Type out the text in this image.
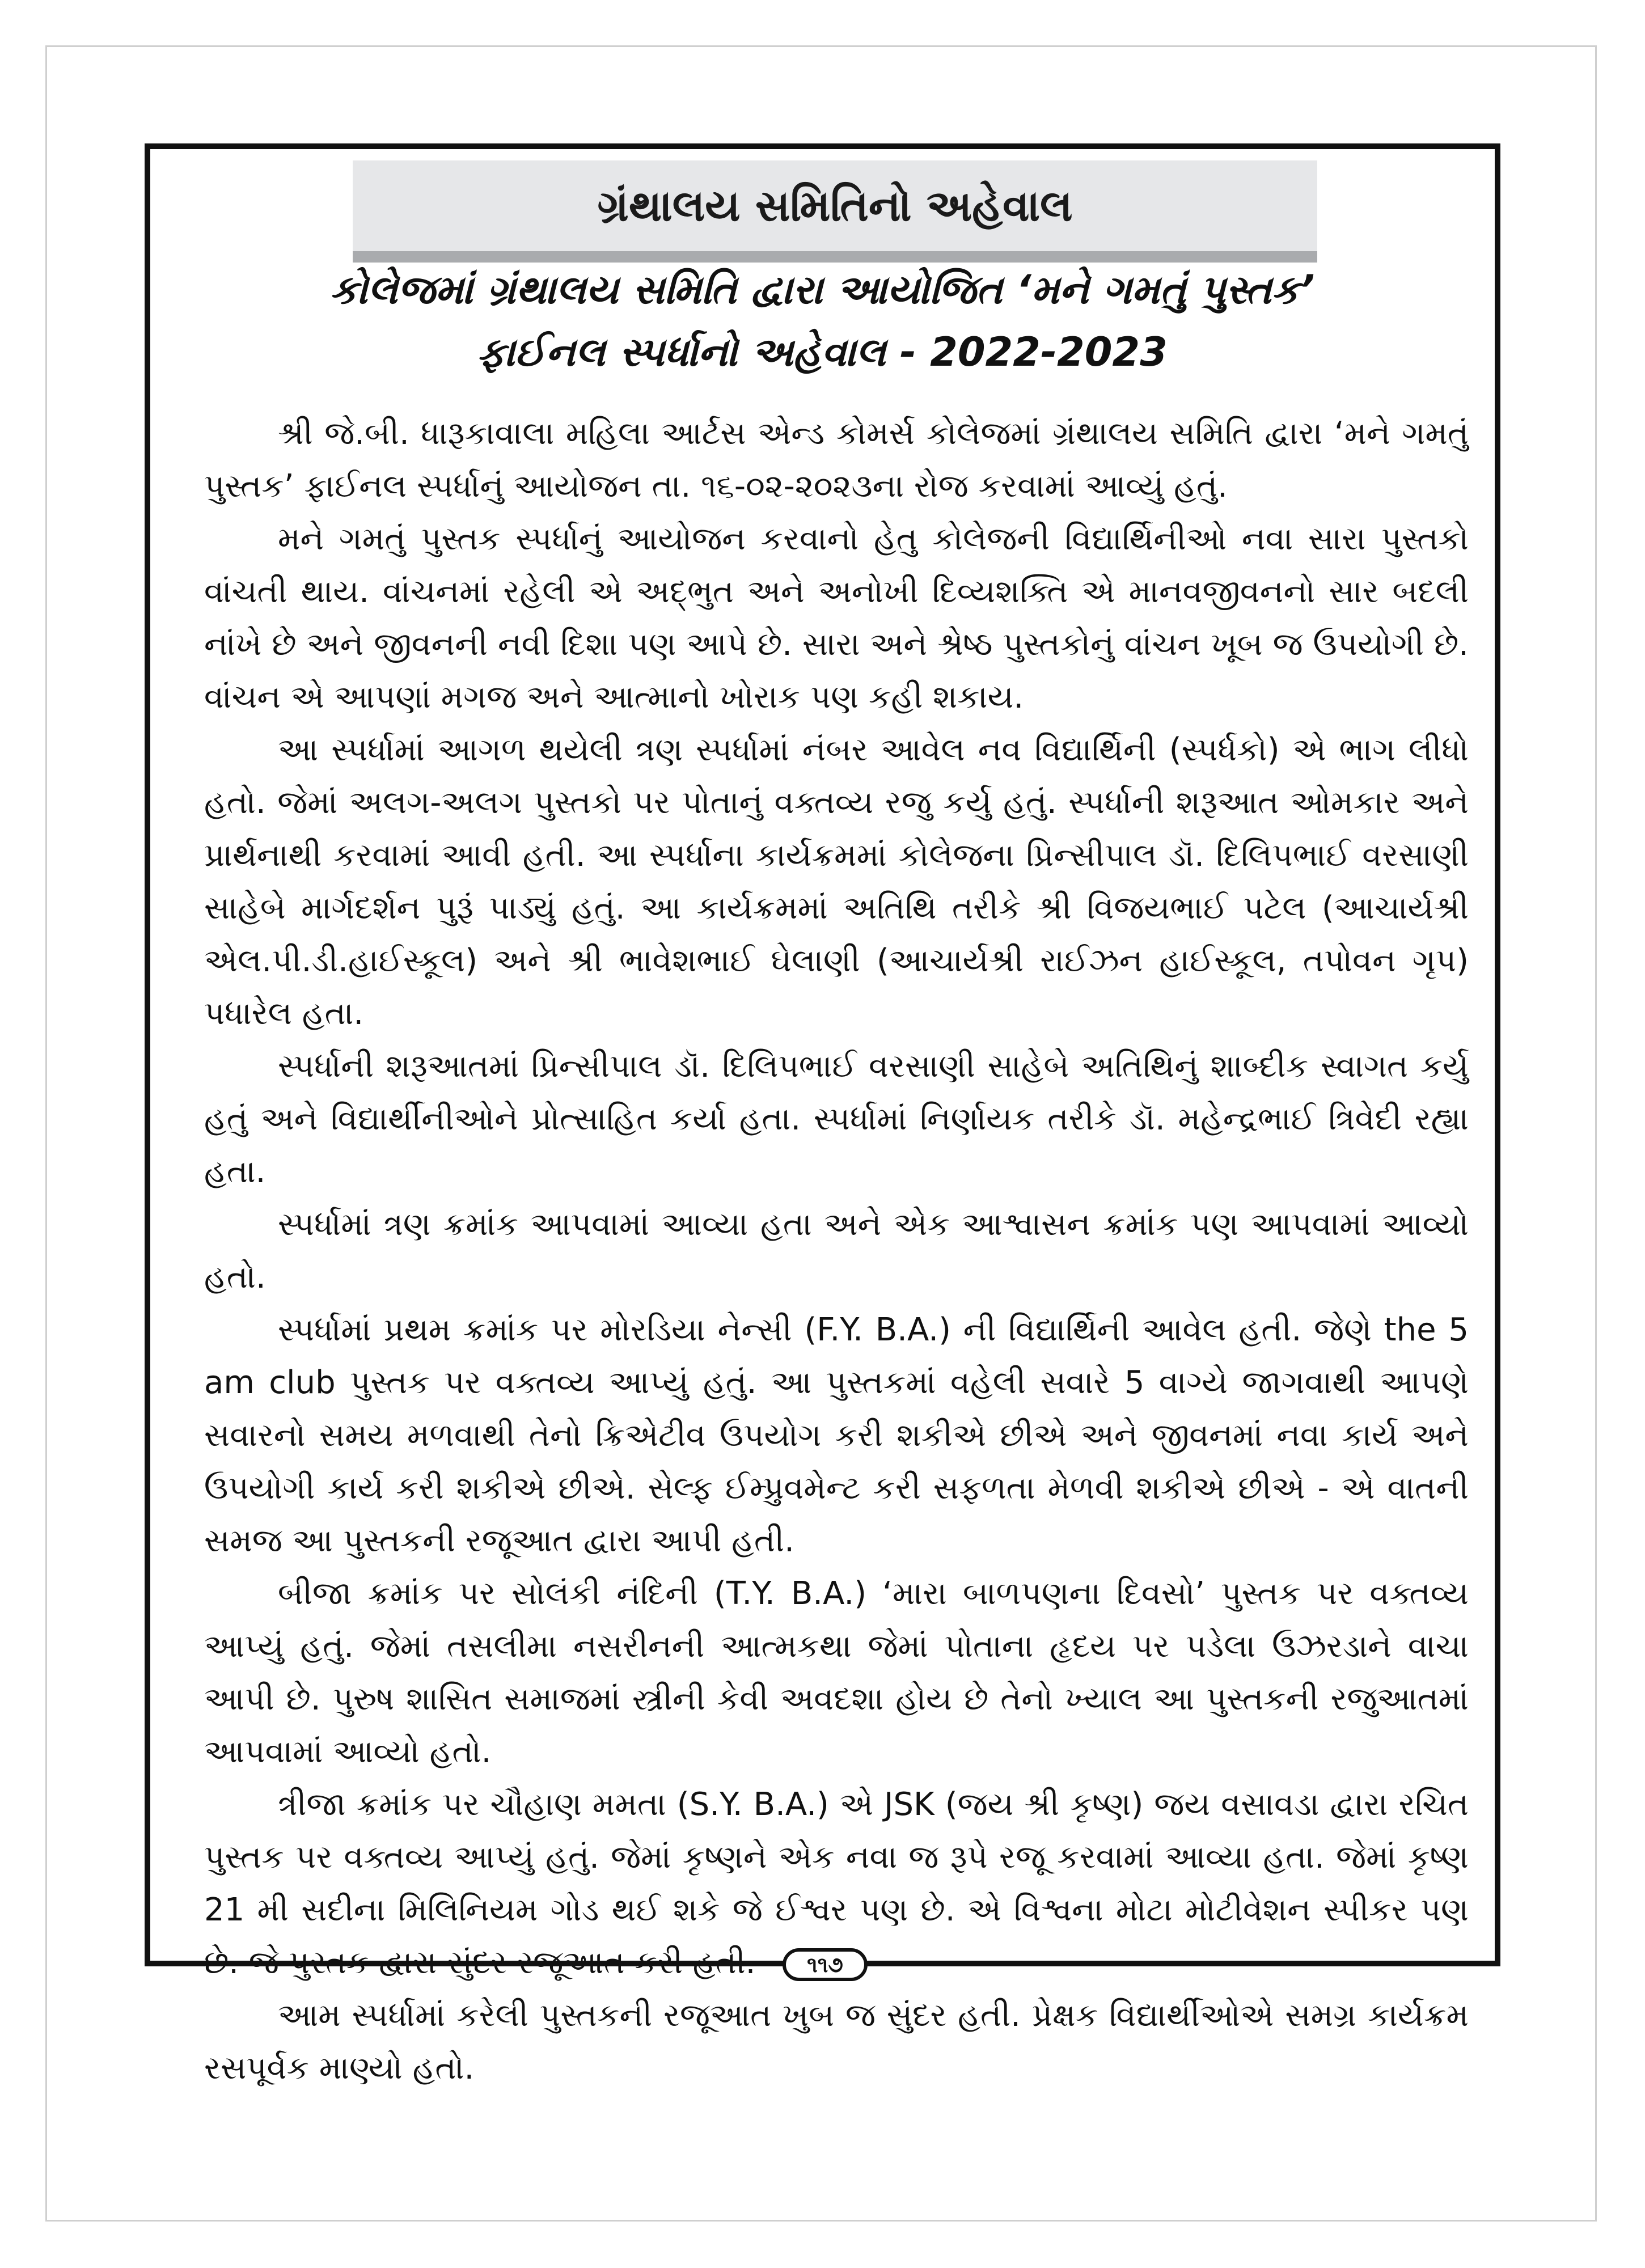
ગ્રંથાલય સમિતિનો અહેવાલ
કોલેજમાં ગ્રંથાલય સમિતિ દ્વારા આયોજિત ‘મને ગમતું પુસ્તક’
ફાઈનલ સ્પર્ધાનો અહેવાલ - 2022-2023

શ્રી જે.બી. ધારૂકાવાલા મહિલા આર્ટસ એન્ડ કોમર્સ કોલેજમાં ગ્રંથાલય સમિતિ દ્વારા ‘મને ગમતું પુસ્તક’ ફાઈનલ સ્પર્ધાનું આયોજન તા. ૧૬-૦૨-૨૦૨૩ના રોજ કરવામાં આવ્યું હતું.

મને ગમતું પુસ્તક સ્પર્ધાનું આયોજન કરવાનો હેતુ કોલેજની વિદ્યાર્થિનીઓ નવા સારા પુસ્તકો વાંચતી થાય. વાંચનમાં રહેલી એ અદ્‌ભુત અને અનોખી દિવ્યશક્તિ એ માનવજીવનનો સાર બદલી નાંખે છે અને જીવનની નવી દિશા પણ આપે છે. સારા અને શ્રેષ્ઠ પુસ્તકોનું વાંચન ખૂબ જ ઉપયોગી છે. વાંચન એ આપણાં મગજ અને આત્માનો ખોરાક પણ કહી શકાય.

આ સ્પર્ધામાં આગળ થયેલી ત્રણ સ્પર્ધામાં નંબર આવેલ નવ વિદ્યાર્થિની (સ્પર્ધકો) એ ભાગ લીધો હતો. જેમાં અલગ-અલગ પુસ્તકો પર પોતાનું વક્તવ્ય રજુ કર્યુ હતું. સ્પર્ધાની શરૂઆત ઓમકાર અને પ્રાર્થનાથી કરવામાં આવી હતી. આ સ્પર્ધાના કાર્યક્રમમાં કોલેજના પ્રિન્સીપાલ ડૉ. દિલિપભાઈ વરસાણી સાહેબે માર્ગદર્શન પુરૂં પાડ્યું હતું. આ કાર્યક્રમમાં અતિથિ તરીકે શ્રી વિજયભાઈ પટેલ (આચાર્યશ્રી એલ.પી.ડી.હાઈસ્કૂલ) અને શ્રી ભાવેશભાઈ ઘેલાણી (આચાર્યશ્રી રાઈઝન હાઈસ્કૂલ, તપોવન ગૃપ) પધારેલ હતા.

સ્પર્ધાની શરૂઆતમાં પ્રિન્સીપાલ ડૉ. દિલિપભાઈ વરસાણી સાહેબે અતિથિનું શાબ્દીક સ્વાગત કર્યુ હતું અને વિદ્યાર્થીનીઓને પ્રોત્સાહિત કર્યા હતા. સ્પર્ધામાં નિર્ણાયક તરીકે ડૉ. મહેન્દ્રભાઈ ત્રિવેદી રહ્યા હતા.

સ્પર્ધામાં ત્રણ ક્રમાંક આપવામાં આવ્યા હતા અને એક આશ્વાસન ક્રમાંક પણ આપવામાં આવ્યો હતો.

સ્પર્ધામાં પ્રથમ ક્રમાંક પર મોરડિયા નેન્સી (F.Y. B.A.) ની વિદ્યાર્થિની આવેલ હતી. જેણે the 5 am club પુસ્તક પર વક્તવ્ય આપ્યું હતું. આ પુસ્તકમાં વહેલી સવારે 5 વાગ્યે જાગવાથી આપણે સવારનો સમય મળવાથી તેનો ક્રિએટીવ ઉપયોગ કરી શકીએ છીએ અને જીવનમાં નવા કાર્ય અને ઉપયોગી કાર્ય કરી શકીએ છીએ. સેલ્ફ ઈમ્પ્રુવમેન્ટ કરી સફળતા મેળવી શકીએ છીએ - એ વાતની સમજ આ પુસ્તકની રજૂઆત દ્વારા આપી હતી.

બીજા ક્રમાંક પર સોલંકી નંદિની (T.Y. B.A.) ‘મારા બાળપણના દિવસો’ પુસ્તક પર વક્તવ્ય આપ્યું હતું. જેમાં તસલીમા નસરીનની આત્મકથા જેમાં પોતાના હૃદય પર પડેલા ઉઝરડાને વાચા આપી છે. પુરુષ શાસિત સમાજમાં સ્ત્રીની કેવી અવદશા હોય છે તેનો ખ્યાલ આ પુસ્તકની રજુઆતમાં આપવામાં આવ્યો હતો.

ત્રીજા ક્રમાંક પર ચૌહાણ મમતા (S.Y. B.A.) એ JSK (જય શ્રી કૃષ્ણ) જય વસાવડા દ્વારા રચિત પુસ્તક પર વક્તવ્ય આપ્યું હતું. જેમાં કૃષ્ણને એક નવા જ રૂપે રજૂ કરવામાં આવ્યા હતા. જેમાં કૃષ્ણ 21 મી સદીના મિલિનિયમ ગોડ થઈ શકે જે ઈશ્વર પણ છે. એ વિશ્વના મોટા મોટીવેશન સ્પીકર પણ છે. જે પુસ્તક દ્વારા સુંદર રજૂઆત કરી હતી.

આમ સ્પર્ધામાં કરેલી પુસ્તકની રજૂઆત ખુબ જ સુંદર હતી. પ્રેક્ષક વિદ્યાર્થીઓએ સમગ્ર કાર્યક્રમ રસપૂર્વક માણ્યો હતો.

૧૧૭
